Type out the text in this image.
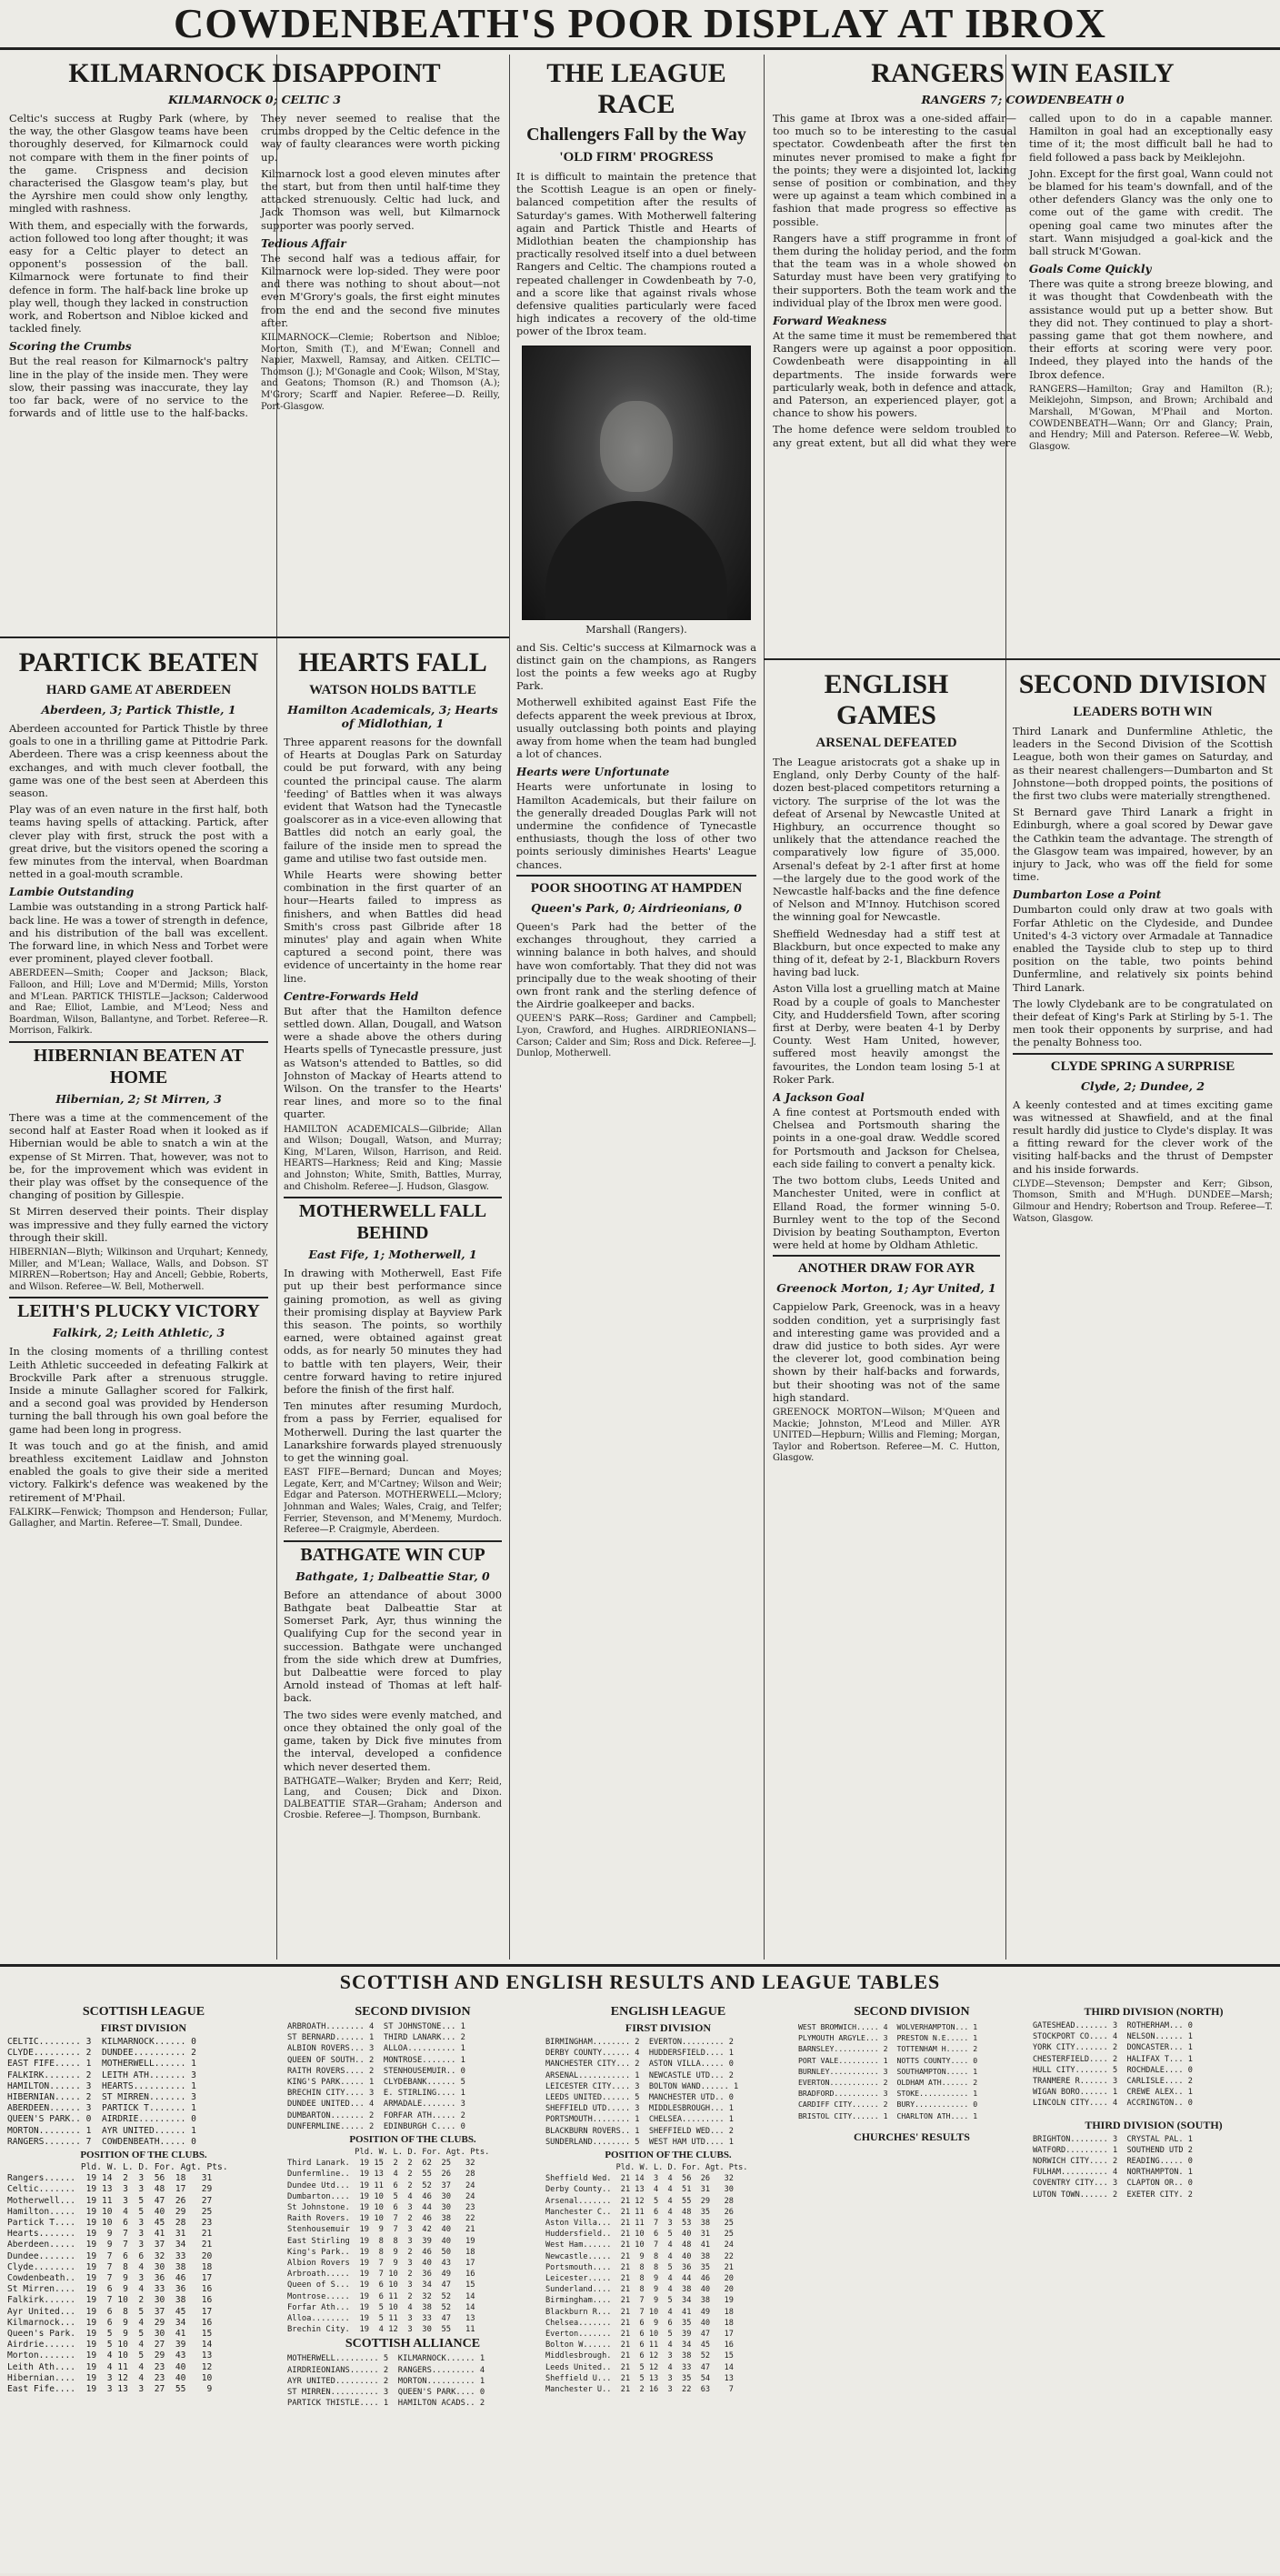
COWDENBEATH'S POOR DISPLAY AT IBROX
KILMARNOCK DISAPPOINT
KILMARNOCK 0; CELTIC 3

Celtic's success at Rugby Park (where, by the way, the other Glasgow teams have been thoroughly deserved, for Kilmarnock could not compare with them in the finer points of the game. Crispness and decision characterised the Glasgow team's play, but the Ayrshire men could show only lengthy, mingled with rashness.

With them, and especially with the forwards, action followed too long after thought; it was easy for a Celtic player to detect an opponent's possession of the ball. Kilmarnock were fortunate to find their defence in form. The half-back line broke up play well, though they lacked in construction work, and Robertson and Nibloe kicked and tackled finely.

Scoring the Crumbs

But the real reason for Kilmarnock's paltry line in the play of the inside men. They were slow, their passing was inaccurate, they lay too far back, were of no service to the forwards and of little use to the half-backs. They never seemed to realise that the crumbs dropped by the Celtic defence in the way of faulty clearances were worth picking up.

Kilmarnock lost a good eleven minutes after the start, but from then until half-time they attacked strenuously. Celtic had luck, and Jack Thomson was well, but Kilmarnock supporter was poorly served.

Tedious Affair

The second half was a tedious affair, for Kilmarnock were lop-sided. They were poor and there was nothing to shout about—not even M'Grory's goals, the first eight minutes from the end and the second five minutes after.

KILMARNOCK—Clemie; Robertson and Nibloe; Morton, Smith (T.), and M'Ewan; Connell and Napier, Maxwell, Ramsay, and Aitken. CELTIC—Thomson (J.); M'Gonagle and Cook; Wilson, M'Stay, and Geatons; Thomson (R.) and Thomson (A.); M'Grory; Scarff and Napier. Referee—D. Reilly, Port-Glasgow.
PARTICK BEATEN
HARD GAME AT ABERDEEN
Aberdeen, 3; Partick Thistle, 1

Aberdeen accounted for Partick Thistle by three goals to one in a thrilling game at Pittodrie Park. Aberdeen. There was a crisp keenness about the exchanges, and with much clever football, the game was one of the best seen at Aberdeen this season.

Play was of an even nature in the first half, both teams having spells of attacking. Partick, after clever play with first, struck the post with a great drive, but the visitors opened the scoring a few minutes from the interval, when Boardman netted in a goal-mouth scramble.

Lambie Outstanding

Lambie was outstanding in a strong Partick half-back line. He was a tower of strength in defence, and his distribution of the ball was excellent. The forward line, in which Ness and Torbet were ever prominent, played clever football.

ABERDEEN—Smith; Cooper and Jackson; Black, Falloon, and Hill; Love and M'Dermid; Mills, Yorston and M'Lean. PARTICK THISTLE—Jackson; Calderwood and Rae; Elliot, Lambie, and M'Leod; Ness and Boardman, Wilson, Ballantyne, and Torbet. Referee—R. Morrison, Falkirk.
HIBERNIAN BEATEN AT HOME
Hibernian, 2; St Mirren, 3

There was a time at the commencement of the second half at Easter Road when it looked as if Hibernian would be able to snatch a win at the expense of St Mirren. That, however, was not to be, for the improvement which was evident in their play was offset by the consequence of the changing of position by Gillespie.

St Mirren deserved their points. Their display was impressive and they fully earned the victory through their skill.

HIBERNIAN—Blyth; Wilkinson and Urquhart; Kennedy, Miller, and M'Lean; Wallace, Walls, and Dobson. ST MIRREN—Robertson; Hay and Ancell; Gebbie, Roberts, and Wilson. Referee—W. Bell, Motherwell.
LEITH'S PLUCKY VICTORY
Falkirk, 2; Leith Athletic, 3

In the closing moments of a thrilling contest Leith Athletic succeeded in defeating Falkirk at Brockville Park after a strenuous struggle. Inside a minute Gallagher scored for Falkirk, and a second goal was provided by Henderson turning the ball through his own goal before the game had been long in progress.

It was touch and go at the finish, and amid breathless excitement Laidlaw and Johnston enabled the goals to give their side a merited victory. Falkirk's defence was weakened by the retirement of M'Phail.

FALKIRK—Fenwick; Thompson and Henderson; Fullar, Gallagher, and Martin. Referee—T. Small, Dundee.
HEARTS FALL
WATSON HOLDS BATTLE
Hamilton Academicals, 3; Hearts of Midlothian, 1

Three apparent reasons for the downfall of Hearts at Douglas Park on Saturday could be put forward, with any being counted the principal cause. The alarm 'feeding' of Battles when it was always evident that Watson had the Tynecastle goalscorer as in a vice-even allowing that Battles did notch an early goal, the failure of the inside men to spread the game and utilise two fast outside men.

While Hearts were showing better combination in the first quarter of an hour—Hearts failed to impress as finishers, and when Battles did head Smith's cross past Gilbride after 18 minutes' play and again when White captured a second point, there was evidence of uncertainty in the home rear line.

Centre-Forwards Held

But after that the Hamilton defence settled down. Allan, Dougall, and Watson were a shade above the others during Hearts spells of Tynecastle pressure, just as Watson's attended to Battles, so did Johnston of Mackay of Hearts attend to Wilson. On the transfer to the Hearts' rear lines, and more so to the final quarter.

HAMILTON ACADEMICALS—Gilbride; Allan and Wilson; Dougall, Watson, and Murray; King, M'Laren, Wilson, Harrison, and Reid. HEARTS—Harkness; Reid and King; Massie and Johnston; White, Smith, Battles, Murray, and Chisholm. Referee—J. Hudson, Glasgow.
MOTHERWELL FALL BEHIND
East Fife, 1; Motherwell, 1

In drawing with Motherwell, East Fife put up their best performance since gaining promotion, as well as giving their promising display at Bayview Park this season. The points, so worthily earned, were obtained against great odds, as for nearly 50 minutes they had to battle with ten players, Weir, their centre forward having to retire injured before the finish of the first half.

Ten minutes after resuming Murdoch, from a pass by Ferrier, equalised for Motherwell. During the last quarter the Lanarkshire forwards played strenuously to get the winning goal.

EAST FIFE—Bernard; Duncan and Moyes; Legate, Kerr, and M'Cartney; Wilson and Weir; Edgar and Paterson. MOTHERWELL—Mclory; Johnman and Wales; Wales, Craig, and Telfer; Ferrier, Stevenson, and M'Menemy, Murdoch. Referee—P. Craigmyle, Aberdeen.
BATHGATE WIN CUP
Bathgate, 1; Dalbeattie Star, 0

Before an attendance of about 3000 Bathgate beat Dalbeattie Star at Somerset Park, Ayr, thus winning the Qualifying Cup for the second year in succession. Bathgate were unchanged from the side which drew at Dumfries, but Dalbeattie were forced to play Arnold instead of Thomas at left half-back.

The two sides were evenly matched, and once they obtained the only goal of the game, taken by Dick five minutes from the interval, developed a confidence which never deserted them.

BATHGATE—Walker; Bryden and Kerr; Reid, Lang, and Cousen; Dick and Dixon. DALBEATTIE STAR—Graham; Anderson and Crosbie. Referee—J. Thompson, Burnbank.
THE LEAGUE RACE
Challengers Fall by the Way
'OLD FIRM' PROGRESS

It is difficult to maintain the pretence that the Scottish League is an open or finely-balanced competition after the results of Saturday's games. With Motherwell faltering again and Partick Thistle and Hearts of Midlothian beaten the championship has practically resolved itself into a duel between Rangers and Celtic. The champions routed a repeated challenger in Cowdenbeath by 7-0, and a score like that against rivals whose defensive qualities particularly were faced high indicates a recovery of the old-time power of the Ibrox team.

Marshall (Rangers).

and Sis. Celtic's success at Kilmarnock was a distinct gain on the champions, as Rangers lost the points a few weeks ago at Rugby Park.

Motherwell exhibited against East Fife the defects apparent the week previous at Ibrox, usually outclassing both points and playing away from home when the team had bungled a lot of chances.

Hearts were Unfortunate

Hearts were unfortunate in losing to Hamilton Academicals, but their failure on the generally dreaded Douglas Park will not undermine the confidence of Tynecastle enthusiasts, though the loss of other two points seriously diminishes Hearts' League chances.

POOR SHOOTING AT HAMPDEN
Queen's Park, 0; Airdrieonians, 0

Queen's Park had the better of the exchanges throughout, they carried a winning balance in both halves, and should have won comfortably. That they did not was principally due to the weak shooting of their own front rank and the sterling defence of the Airdrie goalkeeper and backs.

QUEEN'S PARK—Ross; Gardiner and Campbell; Lyon, Crawford, and Hughes. AIRDRIEONIANS—Carson; Calder and Sim; Ross and Dick. Referee—J. Dunlop, Motherwell.
RANGERS WIN EASILY
RANGERS 7; COWDENBEATH 0

This game at Ibrox was a one-sided affair—too much so to be interesting to the casual spectator. Cowdenbeath after the first ten minutes never promised to make a fight for the points; they were a disjointed lot, lacking sense of position or combination, and they were up against a team which combined in a fashion that made progress so effective as possible.

Rangers have a stiff programme in front of them during the holiday period, and the form that the team was in a whole showed on Saturday must have been very gratifying to their supporters. Both the team work and the individual play of the Ibrox men were good.

Forward Weakness

At the same time it must be remembered that Rangers were up against a poor opposition. Cowdenbeath were disappointing in all departments. The inside forwards were particularly weak, both in defence and attack, and Paterson, an experienced player, got a chance to show his powers.

The home defence were seldom troubled to any great extent, but all did what they were called upon to do in a capable manner. Hamilton in goal had an exceptionally easy time of it; the most difficult ball he had to field followed a pass back by Meiklejohn.

John. Except for the first goal, Wann could not be blamed for his team's downfall, and of the other defenders Glancy was the only one to come out of the game with credit. The opening goal came two minutes after the start. Wann misjudged a goal-kick and the ball struck M'Gowan.

Goals Come Quickly

There was quite a strong breeze blowing, and it was thought that Cowdenbeath with the assistance would put up a better show. But they did not. They continued to play a short-passing game that got them nowhere, and their efforts at scoring were very poor. Indeed, they played into the hands of the Ibrox defence.

RANGERS—Hamilton; Gray and Hamilton (R.); Meiklejohn, Simpson, and Brown; Archibald and Marshall, M'Gowan, M'Phail and Morton. COWDENBEATH—Wann; Orr and Glancy; Prain, and Hendry; Mill and Paterson. Referee—W. Webb, Glasgow.
ENGLISH GAMES
ARSENAL DEFEATED

The League aristocrats got a shake up in England, only Derby County of the half-dozen best-placed competitors returning a victory. The surprise of the lot was the defeat of Arsenal by Newcastle United at Highbury, an occurrence thought so unlikely that the attendance reached the comparatively low figure of 35,000. Arsenal's defeat by 2-1 after first at home—the largely due to the good work of the Newcastle half-backs and the fine defence of Nelson and M'Innoy. Hutchison scored the winning goal for Newcastle.

Sheffield Wednesday had a stiff test at Blackburn, but once expected to make any thing of it, defeat by 2-1, Blackburn Rovers having bad luck.

Aston Villa lost a gruelling match at Maine Road by a couple of goals to Manchester City, and Huddersfield Town, after scoring first at Derby, were beaten 4-1 by Derby County. West Ham United, however, suffered most heavily amongst the favourites, the London team losing 5-1 at Roker Park.

A Jackson Goal

A fine contest at Portsmouth ended with Chelsea and Portsmouth sharing the points in a one-goal draw. Weddle scored for Portsmouth and Jackson for Chelsea, each side failing to convert a penalty kick.

The two bottom clubs, Leeds United and Manchester United, were in conflict at Elland Road, the former winning 5-0. Burnley went to the top of the Second Division by beating Southampton, Everton were held at home by Oldham Athletic.

ANOTHER DRAW FOR AYR
Greenock Morton, 1; Ayr United, 1

Cappielow Park, Greenock, was in a heavy sodden condition, yet a surprisingly fast and interesting game was provided and a draw did justice to both sides. Ayr were the cleverer lot, good combination being shown by their half-backs and forwards, but their shooting was not of the same high standard.

GREENOCK MORTON—Wilson; M'Queen and Mackie; Johnston, M'Leod and Miller. AYR UNITED—Hepburn; Willis and Fleming; Morgan, Taylor and Robertson. Referee—M. C. Hutton, Glasgow.
SECOND DIVISION
LEADERS BOTH WIN

Third Lanark and Dunfermline Athletic, the leaders in the Second Division of the Scottish League, both won their games on Saturday, and as their nearest challengers—Dumbarton and St Johnstone—both dropped points, the positions of the first two clubs were materially strengthened.

St Bernard gave Third Lanark a fright in Edinburgh, where a goal scored by Dewar gave the Cathkin team the advantage. The strength of the Glasgow team was impaired, however, by an injury to Jack, who was off the field for some time.

Dumbarton Lose a Point

Dumbarton could only draw at two goals with Forfar Athletic on the Clydeside, and Dundee United's 4-3 victory over Armadale at Tannadice enabled the Tayside club to step up to third position on the table, two points behind Dunfermline, and relatively six points behind Third Lanark.

The lowly Clydebank are to be congratulated on their defeat of King's Park at Stirling by 5-1. The men took their opponents by surprise, and had the penalty Bohness too.

CLYDE SPRING A SURPRISE
Clyde, 2; Dundee, 2

A keenly contested and at times exciting game was witnessed at Shawfield, and at the final result hardly did justice to Clyde's display. It was a fitting reward for the clever work of the visiting half-backs and the thrust of Dempster and his inside forwards.

CLYDE—Stevenson; Dempster and Kerr; Gibson, Thomson, Smith and M'Hugh. DUNDEE—Marsh; Gilmour and Hendry; Robertson and Troup. Referee—T. Watson, Glasgow.
SCOTTISH AND ENGLISH RESULTS AND LEAGUE TABLES
SCOTTISH LEAGUE
FIRST DIVISION
CELTIC........ 3  KILMARNOCK...... 0
CLYDE......... 2  DUNDEE.......... 2
EAST FIFE..... 1  MOTHERWELL...... 1
FALKIRK....... 2  LEITH ATH....... 3
HAMILTON...... 3  HEARTS.......... 1
HIBERNIAN..... 2  ST MIRREN....... 3
ABERDEEN...... 3  PARTICK T....... 1
QUEEN'S PARK.. 0  AIRDRIE......... 0
MORTON........ 1  AYR UNITED...... 1
RANGERS....... 7  COWDENBEATH..... 0
POSITION OF THE CLUBS.
Pld. W. L. D. For. Agt. Pts.
Rangers......  19 14  2  3  56  18   31
Celtic.......  19 13  3  3  48  17   29
Motherwell...  19 11  3  5  47  26   27
Hamilton.....  19 10  4  5  40  29   25
Partick T....  19 10  6  3  45  28   23
Hearts.......  19  9  7  3  41  31   21
Aberdeen.....  19  9  7  3  37  34   21
Dundee.......  19  7  6  6  32  33   20
Clyde........  19  7  8  4  30  38   18
Cowdenbeath..  19  7  9  3  36  46   17
St Mirren....  19  6  9  4  33  36   16
Falkirk......  19  7 10  2  30  38   16
Ayr United...  19  6  8  5  37  45   17
Kilmarnock...  19  6  9  4  29  34   16
Queen's Park.  19  5  9  5  30  41   15
Airdrie......  19  5 10  4  27  39   14
Morton.......  19  4 10  5  29  43   13
Leith Ath....  19  4 11  4  23  40   12
Hibernian....  19  3 12  4  23  40   10
East Fife....  19  3 13  3  27  55    9
SECOND DIVISION
ARBROATH........ 4  ST JOHNSTONE... 1
ST BERNARD...... 1  THIRD LANARK... 2
ALBION ROVERS... 3  ALLOA.......... 1
QUEEN OF SOUTH.. 2  MONTROSE....... 1
RAITH ROVERS.... 2  STENHOUSEMUIR.. 0
KING'S PARK..... 1  CLYDEBANK...... 5
BRECHIN CITY.... 3  E. STIRLING.... 1
DUNDEE UNITED... 4  ARMADALE....... 3
DUMBARTON....... 2  FORFAR ATH..... 2
DUNFERMLINE..... 2  EDINBURGH C.... 0
POSITION OF THE CLUBS.
Pld. W. L. D. For. Agt. Pts.
Third Lanark.  19 15  2  2  62  25   32
Dunfermline..  19 13  4  2  55  26   28
Dundee Utd...  19 11  6  2  52  37   24
Dumbarton....  19 10  5  4  46  30   24
St Johnstone.  19 10  6  3  44  30   23
Raith Rovers.  19 10  7  2  46  38   22
Stenhousemuir  19  9  7  3  42  40   21
East Stirling  19  8  8  3  39  40   19
King's Park..  19  8  9  2  46  50   18
Albion Rovers  19  7  9  3  40  43   17
Arbroath.....  19  7 10  2  36  49   16
Queen of S...  19  6 10  3  34  47   15
Montrose.....  19  6 11  2  32  52   14
Forfar Ath...  19  5 10  4  38  52   14
Alloa........  19  5 11  3  33  47   13
Brechin City.  19  4 12  3  30  55   11
SCOTTISH ALLIANCE
MOTHERWELL......... 5  KILMARNOCK...... 1
AIRDRIEONIANS...... 2  RANGERS......... 4
AYR UNITED......... 2  MORTON.......... 1
ST MIRREN.......... 3  QUEEN'S PARK.... 0
PARTICK THISTLE.... 1  HAMILTON ACADS.. 2
ENGLISH LEAGUE
FIRST DIVISION
BIRMINGHAM........ 2  EVERTON......... 2
DERBY COUNTY...... 4  HUDDERSFIELD.... 1
MANCHESTER CITY... 2  ASTON VILLA..... 0
ARSENAL........... 1  NEWCASTLE UTD... 2
LEICESTER CITY.... 3  BOLTON WAND...... 1
LEEDS UNITED...... 5  MANCHESTER UTD.. 0
SHEFFIELD UTD..... 3  MIDDLESBROUGH... 1
PORTSMOUTH........ 1  CHELSEA......... 1
BLACKBURN ROVERS.. 1  SHEFFIELD WED... 2
SUNDERLAND........ 5  WEST HAM UTD.... 1
POSITION OF THE CLUBS.
Pld. W. L. D. For. Agt. Pts.
Sheffield Wed.  21 14  3  4  56  26   32
Derby County..  21 13  4  4  51  31   30
Arsenal.......  21 12  5  4  55  29   28
Manchester C..  21 11  6  4  48  35   26
Aston Villa...  21 11  7  3  53  38   25
Huddersfield..  21 10  6  5  40  31   25
West Ham......  21 10  7  4  48  41   24
Newcastle.....  21  9  8  4  40  38   22
Portsmouth....  21  8  8  5  36  35   21
Leicester.....  21  8  9  4  44  46   20
Sunderland....  21  8  9  4  38  40   20
Birmingham....  21  7  9  5  34  38   19
Blackburn R...  21  7 10  4  41  49   18
Chelsea.......  21  6  9  6  35  40   18
Everton.......  21  6 10  5  39  47   17
Bolton W......  21  6 11  4  34  45   16
Middlesbrough.  21  6 12  3  38  52   15
Leeds United..  21  5 12  4  33  47   14
Sheffield U...  21  5 13  3  35  54   13
Manchester U..  21  2 16  3  22  63    7
SECOND DIVISION
WEST BROMWICH..... 4  WOLVERHAMPTON... 1
PLYMOUTH ARGYLE... 3  PRESTON N.E..... 1
BARNSLEY.......... 2  TOTTENHAM H..... 2
PORT VALE......... 1  NOTTS COUNTY.... 0
BURNLEY........... 3  SOUTHAMPTON..... 1
EVERTON........... 2  OLDHAM ATH...... 2
BRADFORD.......... 3  STOKE........... 1
CARDIFF CITY...... 2  BURY............ 0
BRISTOL CITY...... 1  CHARLTON ATH.... 1
CHURCHES' RESULTS
THIRD DIVISION (NORTH)
GATESHEAD....... 3  ROTHERHAM... 0
STOCKPORT CO.... 4  NELSON...... 1
YORK CITY....... 2  DONCASTER... 1
CHESTERFIELD.... 2  HALIFAX T... 1
HULL CITY....... 5  ROCHDALE.... 0
TRANMERE R...... 3  CARLISLE.... 2
WIGAN BORO...... 1  CREWE ALEX.. 1
LINCOLN CITY.... 4  ACCRINGTON.. 0
THIRD DIVISION (SOUTH)
BRIGHTON........ 3  CRYSTAL PAL. 1
WATFORD......... 1  SOUTHEND UTD 2
NORWICH CITY.... 2  READING..... 0
FULHAM.......... 4  NORTHAMPTON. 1
COVENTRY CITY... 3  CLAPTON OR.. 0
LUTON TOWN...... 2  EXETER CITY. 2
